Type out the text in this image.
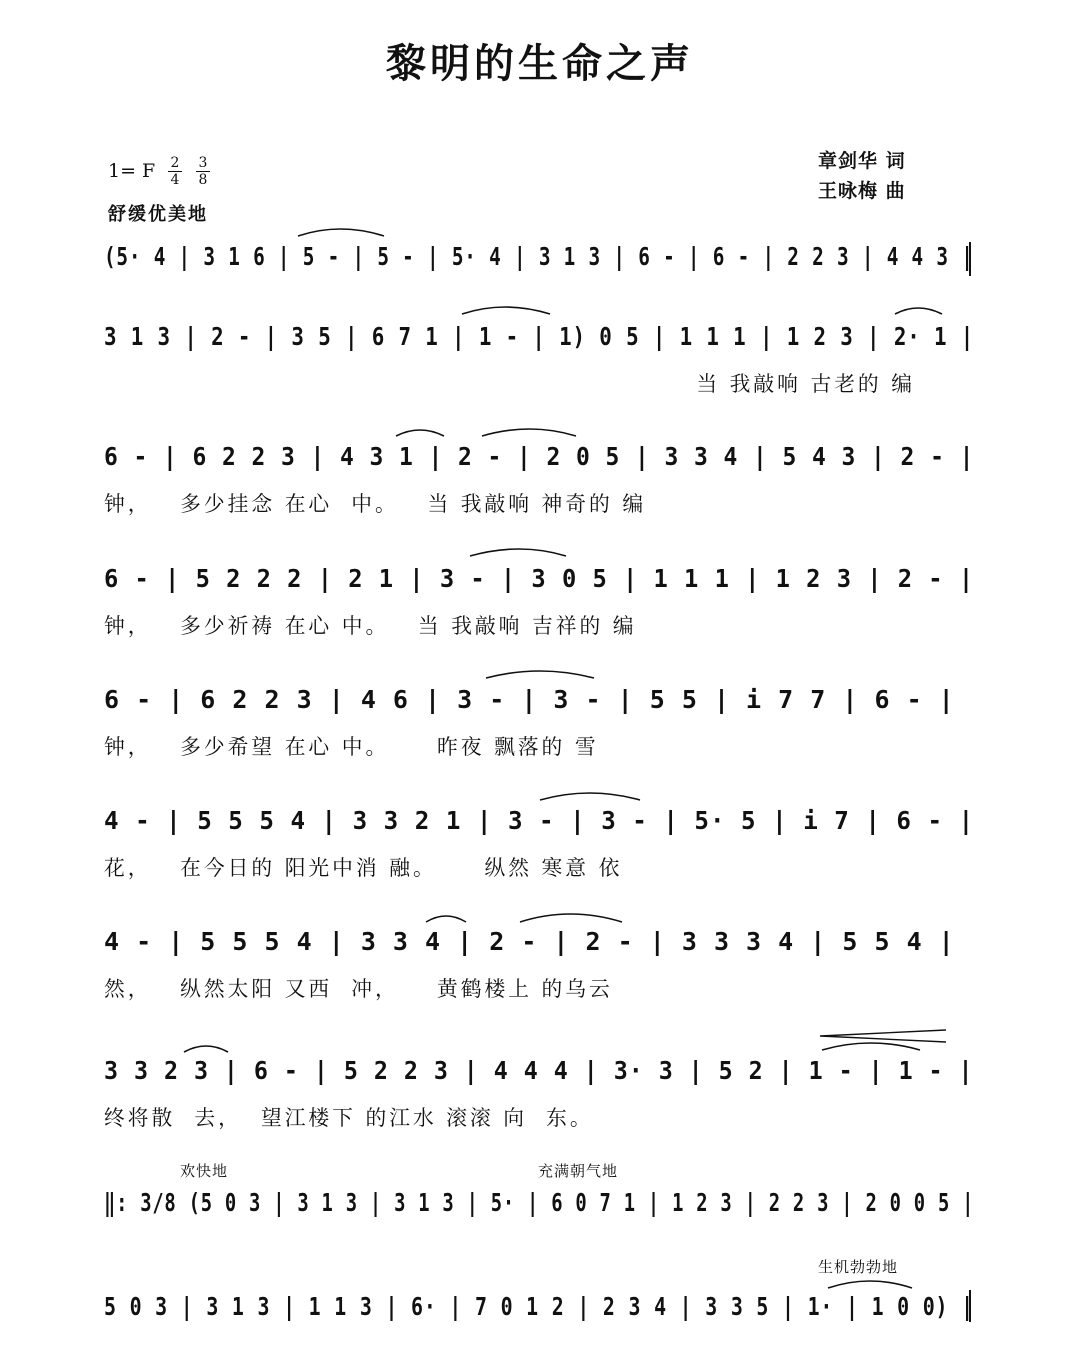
黎明的生命之声
1= F 2
4
3
8
章剑华 词
王咏梅 曲
舒缓优美地
欢快地	充满朝气地
生机勃勃地
(5· 4 | 3 1 6 | 5 - | 5 - | 5· 4 | 3 1 3 | 6 - | 6 - | 2 2 3 | 4 4 3 |
3 1 3 | 2 - | 3 5 | 6 7 1 | 1 - | 1) 0 5 | 1 1 1 | 1 2 3 | 2· 1 |
当 我敲响 古老的 编
6 - | 6 2 2 3 | 4 3 1 | 2 - | 2 0 5 | 3 3 4 | 5 4 3 | 2 - |
钟，   多少挂念 在心  中。   当 我敲响 神奇的 编
6 - | 5 2 2 2 | 2 1 | 3 - | 3 0 5 | 1 1 1 | 1 2 3 | 2 - |
钟，   多少祈祷 在心 中。   当 我敲响 吉祥的 编
6 - | 6 2 2 3 | 4 6 | 3 - | 3 - | 5 5 | i 7 7 | 6 - |
钟，   多少希望 在心 中。     昨夜 飘落的 雪
4 - | 5 5 5 4 | 3 3 2 1 | 3 - | 3 - | 5· 5 | i 7 | 6 - |
花，   在今日的 阳光中消 融。     纵然 寒意 依
4 - | 5 5 5 4 | 3 3 4 | 2 - | 2 - | 3 3 3 4 | 5 5 4 |
然，   纵然太阳 又西  冲，    黄鹤楼上 的乌云
3 3 2 3 | 6 - | 5 2 2 3 | 4 4 4 | 3· 3 | 5 2 | 1 - | 1 - |
终将散  去，  望江楼下 的江水 滚滚 向  东。
‖: 3/8 (5 0 3 | 3 1 3 | 3 1 3 | 5· | 6 0 7 1 | 1 2 3 | 2 2 3 | 2 0 0 5 |
5 0 3 | 3 1 3 | 1 1 3 | 6· | 7 0 1 2 | 2 3 4 | 3 3 5 | 1· | 1 0 0) |
